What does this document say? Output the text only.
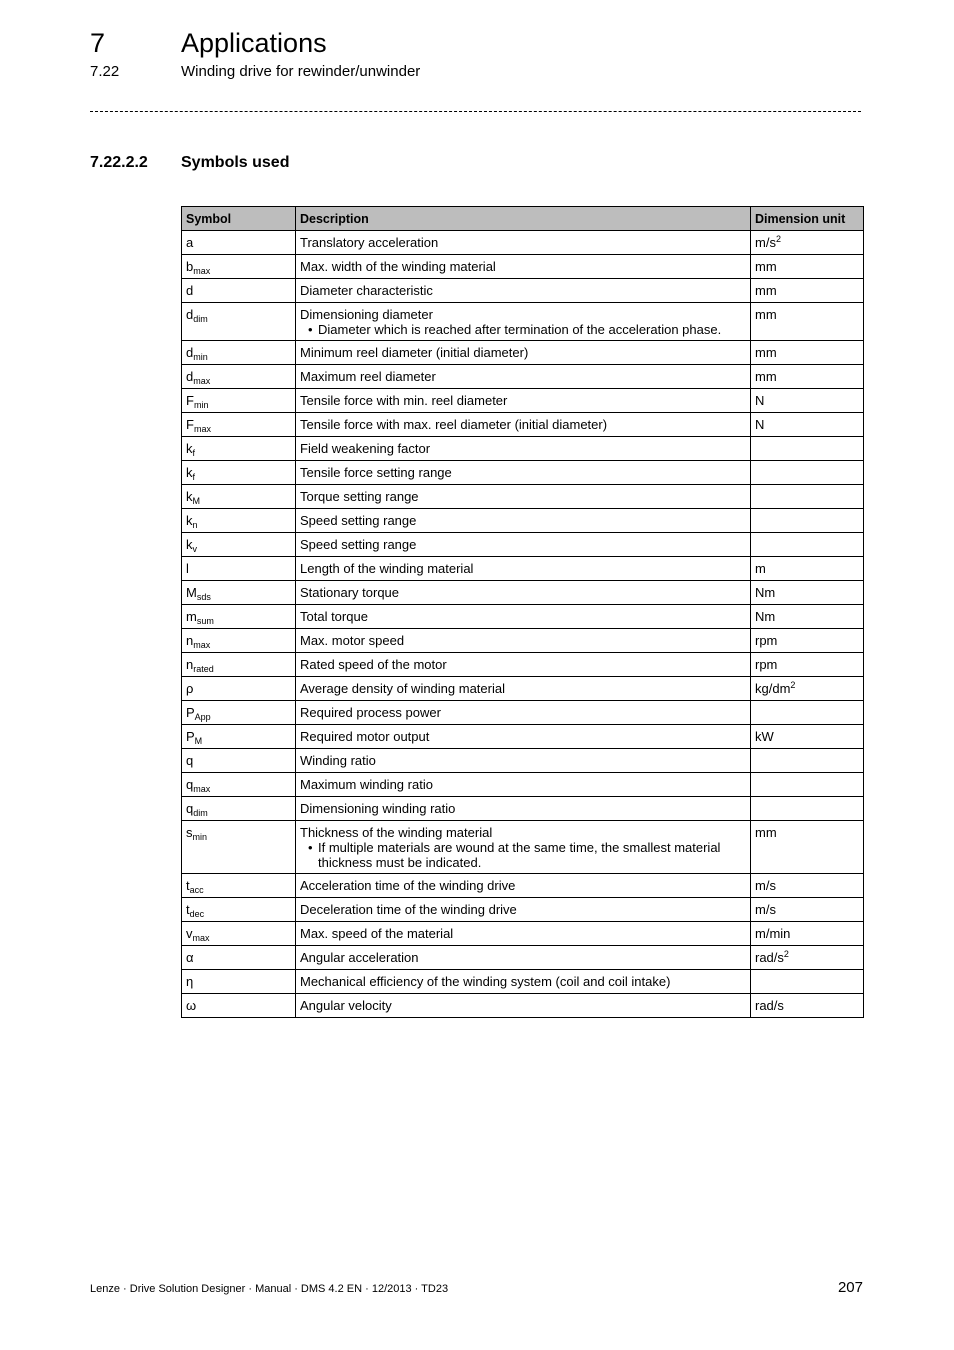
7	Applications
7.22	Winding drive for rewinder/unwinder
7.22.2.2 Symbols used
Symbol	Description	Dimension unit
a	Translatory acceleration	$m/s^2$
$b_{max}$	Max. width of the winding material	mm
d	Diameter characteristic	mm
$d_{dim}$	Dimensioning diameter
• Diameter which is reached after termination of the acceleration phase.	mm
$d_{min}$	Minimum reel diameter (initial diameter)	mm
$d_{max}$	Maximum reel diameter	mm
$F_{min}$	Tensile force with min. reel diameter	N
$F_{max}$	Tensile force with max. reel diameter (initial diameter)	N
$k_f$	Field weakening factor	

$k_f$	Tensile force setting range	

$k_M$	Torque setting range	

$k_n$	Speed setting range	

$k_v$	Speed setting range	

l	Length of the winding material	m
$M_{sds}$	Stationary torque	Nm
$m_{sum}$	Total torque	Nm
$n_{max}$	Max. motor speed	rpm
$n_{rated}$	Rated speed of the motor	rpm
ρ	Average density of winding material	$kg/dm^2$
$P_{App}$	Required process power	

$P_M$	Required motor output	kW
q	Winding ratio	

$q_{max}$	Maximum winding ratio	

$q_{dim}$	Dimensioning winding ratio	

$s_{min}$	Thickness of the winding material
• If multiple materials are wound at the same time, the smallest material thickness must be indicated.	mm
$t_{acc}$	Acceleration time of the winding drive	m/s
$t_{dec}$	Deceleration time of the winding drive	m/s
$v_{max}$	Max. speed of the material	m/min
α	Angular acceleration	rad/$s^2$
η	Mechanical efficiency of the winding system (coil and coil intake)	

ω	Angular velocity	rad/s
Lenze · Drive Solution Designer · Manual · DMS 4.2 EN · 12/2013 · TD23	207
